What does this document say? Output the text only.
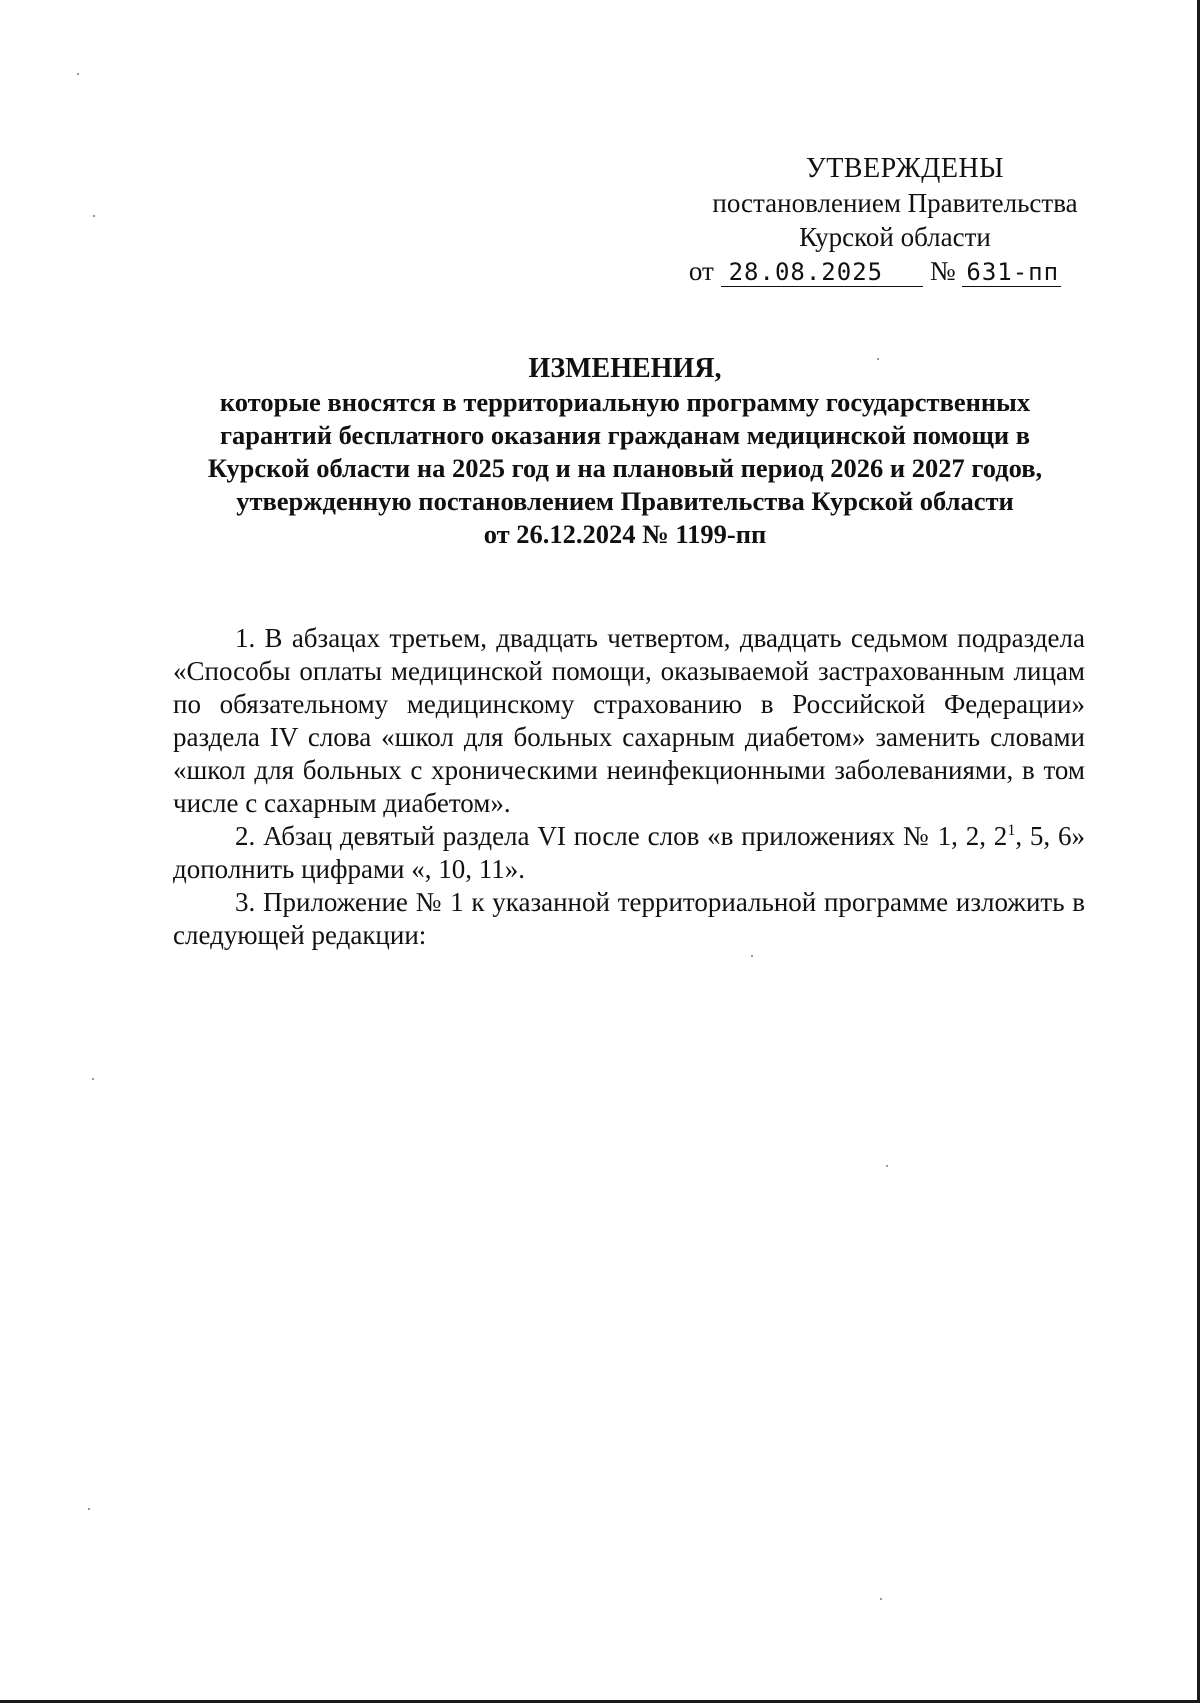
УТВЕРЖДЕНЫ
постановлением Правительства
Курской области
от 28.08.2025 № 631-пп
ИЗМЕНЕНИЯ,
которые вносятся в территориальную программу государственных
гарантий бесплатного оказания гражданам медицинской помощи в
Курской области на 2025 год и на плановый период 2026 и 2027 годов,
утвержденную постановлением Правительства Курской области
от 26.12.2024 № 1199-пп

1. В абзацах третьем, двадцать четвертом, двадцать седьмом подраздела «Способы оплаты медицинской помощи, оказываемой застрахованным лицам по обязательному медицинскому страхованию в Российской Федерации» раздела IV слова «школ для больных сахарным диабетом» заменить словами «школ для больных с хроническими неинфекционными заболеваниями, в том числе с сахарным диабетом».

2. Абзац девятый раздела VI после слов «в приложениях № 1, 2, $2^1$, 5, 6» дополнить цифрами «, 10, 11».

3. Приложение № 1 к указанной территориальной программе изложить в следующей редакции:
